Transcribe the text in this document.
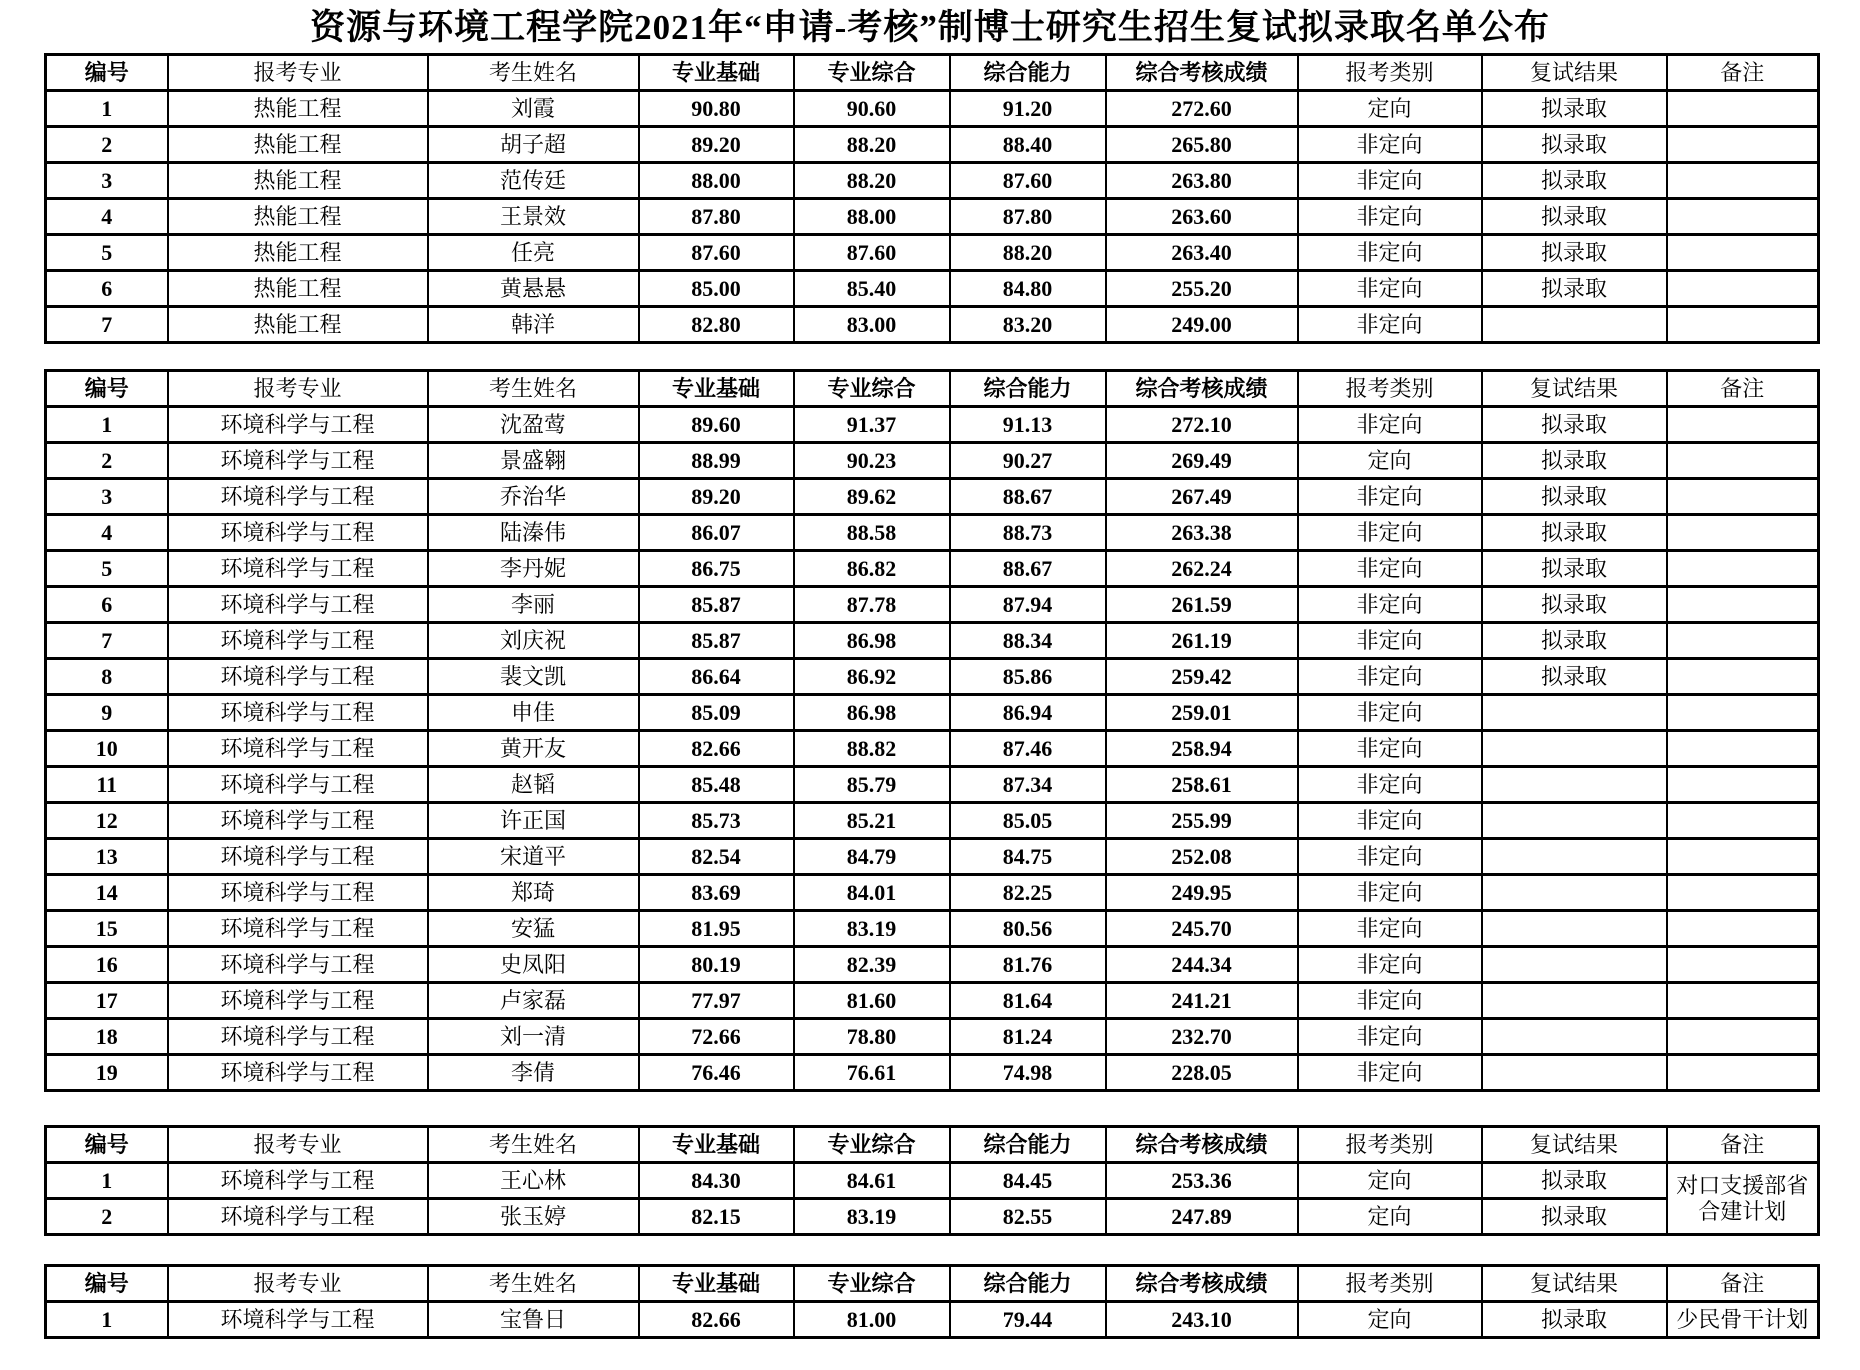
资源与环境工程学院2021年“申请-考核”制博士研究生招生复试拟录取名单公布
编号	报考专业	考生姓名	专业基础	专业综合	综合能力	综合考核成绩	报考类别	复试结果	备注
1	热能工程	刘霞	90.80	90.60	91.20	272.60	定向	拟录取	
2	热能工程	胡子超	89.20	88.20	88.40	265.80	非定向	拟录取	
3	热能工程	范传廷	88.00	88.20	87.60	263.80	非定向	拟录取	
4	热能工程	王景效	87.80	88.00	87.80	263.60	非定向	拟录取	
5	热能工程	任亮	87.60	87.60	88.20	263.40	非定向	拟录取	
6	热能工程	黄悬悬	85.00	85.40	84.80	255.20	非定向	拟录取	
7	热能工程	韩洋	82.80	83.00	83.20	249.00	非定向		
编号	报考专业	考生姓名	专业基础	专业综合	综合能力	综合考核成绩	报考类别	复试结果	备注
1	环境科学与工程	沈盈莺	89.60	91.37	91.13	272.10	非定向	拟录取	
2	环境科学与工程	景盛翱	88.99	90.23	90.27	269.49	定向	拟录取	
3	环境科学与工程	乔治华	89.20	89.62	88.67	267.49	非定向	拟录取	
4	环境科学与工程	陆溱伟	86.07	88.58	88.73	263.38	非定向	拟录取	
5	环境科学与工程	李丹妮	86.75	86.82	88.67	262.24	非定向	拟录取	
6	环境科学与工程	李丽	85.87	87.78	87.94	261.59	非定向	拟录取	
7	环境科学与工程	刘庆祝	85.87	86.98	88.34	261.19	非定向	拟录取	
8	环境科学与工程	裴文凯	86.64	86.92	85.86	259.42	非定向	拟录取	
9	环境科学与工程	申佳	85.09	86.98	86.94	259.01	非定向		
10	环境科学与工程	黄开友	82.66	88.82	87.46	258.94	非定向		
11	环境科学与工程	赵韬	85.48	85.79	87.34	258.61	非定向		
12	环境科学与工程	许正国	85.73	85.21	85.05	255.99	非定向		
13	环境科学与工程	宋道平	82.54	84.79	84.75	252.08	非定向		
14	环境科学与工程	郑琦	83.69	84.01	82.25	249.95	非定向		
15	环境科学与工程	安猛	81.95	83.19	80.56	245.70	非定向		
16	环境科学与工程	史凤阳	80.19	82.39	81.76	244.34	非定向		
17	环境科学与工程	卢家磊	77.97	81.60	81.64	241.21	非定向		
18	环境科学与工程	刘一清	72.66	78.80	81.24	232.70	非定向		
19	环境科学与工程	李倩	76.46	76.61	74.98	228.05	非定向		
编号	报考专业	考生姓名	专业基础	专业综合	综合能力	综合考核成绩	报考类别	复试结果	备注
1	环境科学与工程	王心林	84.30	84.61	84.45	253.36	定向	拟录取	对口支援部省合建计划
2	环境科学与工程	张玉婷	82.15	83.19	82.55	247.89	定向	拟录取	
编号	报考专业	考生姓名	专业基础	专业综合	综合能力	综合考核成绩	报考类别	复试结果	备注
1	环境科学与工程	宝鲁日	82.66	81.00	79.44	243.10	定向	拟录取	少民骨干计划
